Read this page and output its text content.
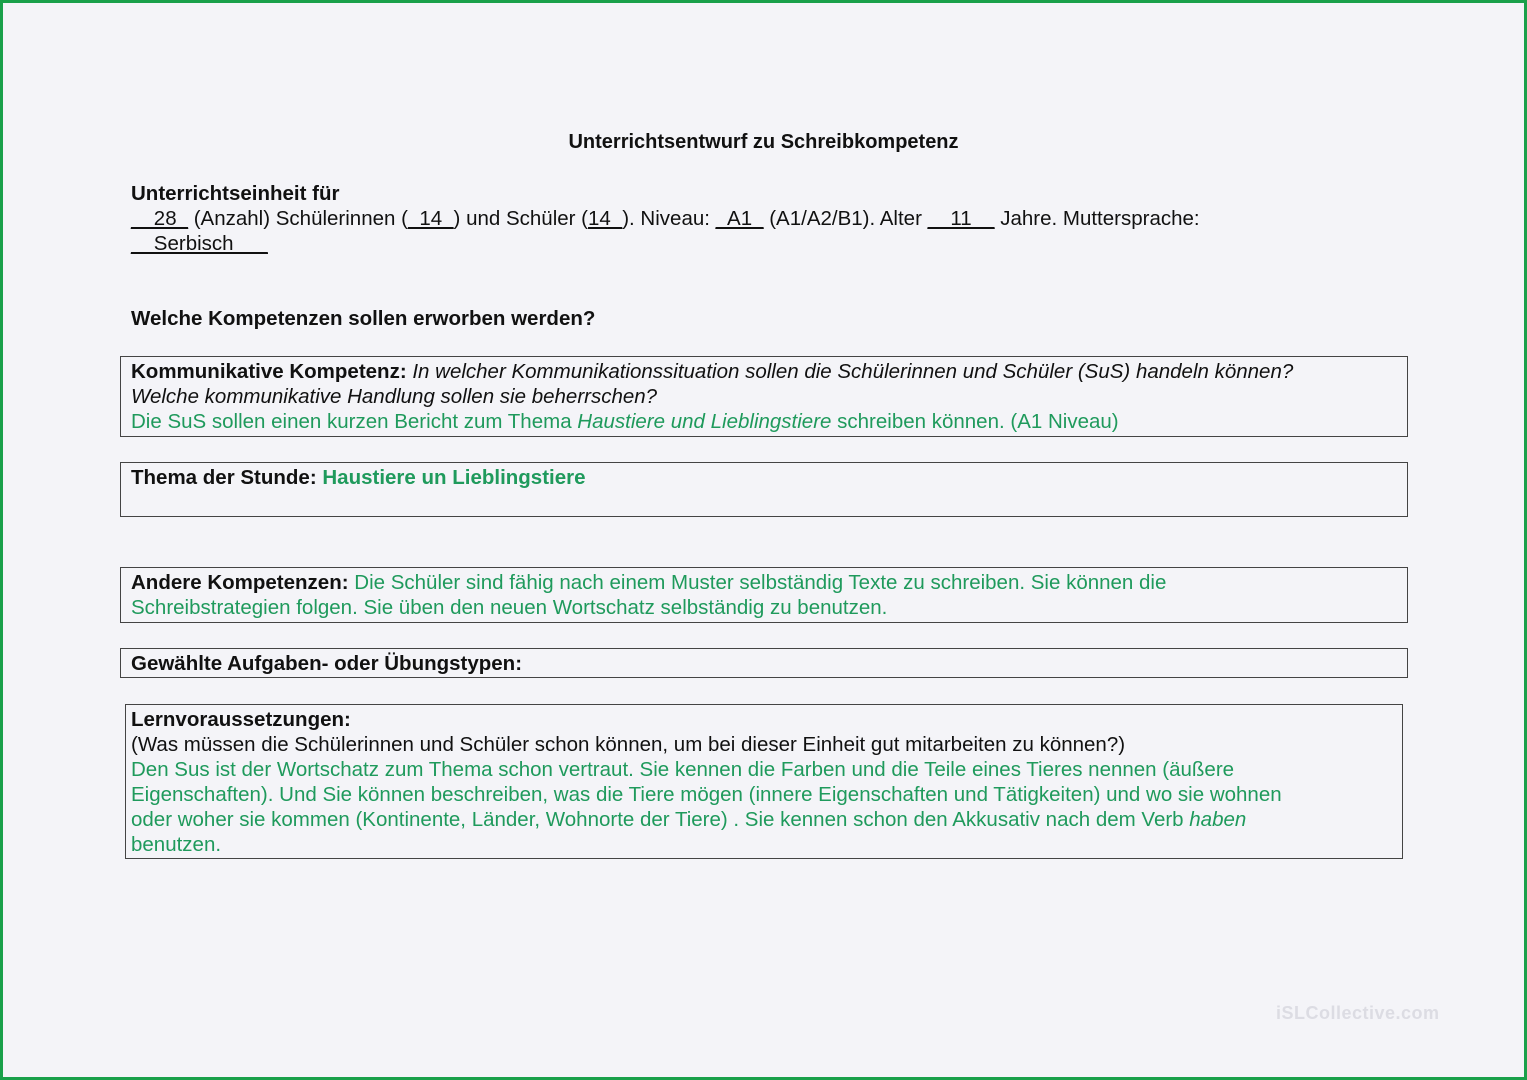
Unterrichtsentwurf zu Schreibkompetenz
Unterrichtseinheit für
__28_ (Anzahl) Schülerinnen (_14_) und Schüler (14_). Niveau: _A1_ (A1/A2/B1). Alter __11__ Jahre. Muttersprache:
__Serbisch___
Welche Kompetenzen sollen erworben werden?
Kommunikative Kompetenz: In welcher Kommunikationssituation sollen die Schülerinnen und Schüler (SuS) handeln können?
Welche kommunikative Handlung sollen sie beherrschen?
Die SuS sollen einen kurzen Bericht zum Thema Haustiere und Lieblingstiere schreiben können. (A1 Niveau)
Thema der Stunde: Haustiere un Lieblingstiere
Andere Kompetenzen: Die Schüler sind fähig nach einem Muster selbständig Texte zu schreiben. Sie können die
Schreibstrategien folgen. Sie üben den neuen Wortschatz selbständig zu benutzen.
Gewählte Aufgaben- oder Übungstypen:
Lernvoraussetzungen:
(Was müssen die Schülerinnen und Schüler schon können, um bei dieser Einheit gut mitarbeiten zu können?)
Den Sus ist der Wortschatz zum Thema schon vertraut. Sie kennen die Farben und die Teile eines Tieres nennen (äußere
Eigenschaften). Und Sie können beschreiben, was die Tiere mögen (innere Eigenschaften und Tätigkeiten) und wo sie wohnen
oder woher sie kommen (Kontinente, Länder, Wohnorte der Tiere) . Sie kennen schon den Akkusativ nach dem Verb haben
benutzen.
iSLCollective.com
